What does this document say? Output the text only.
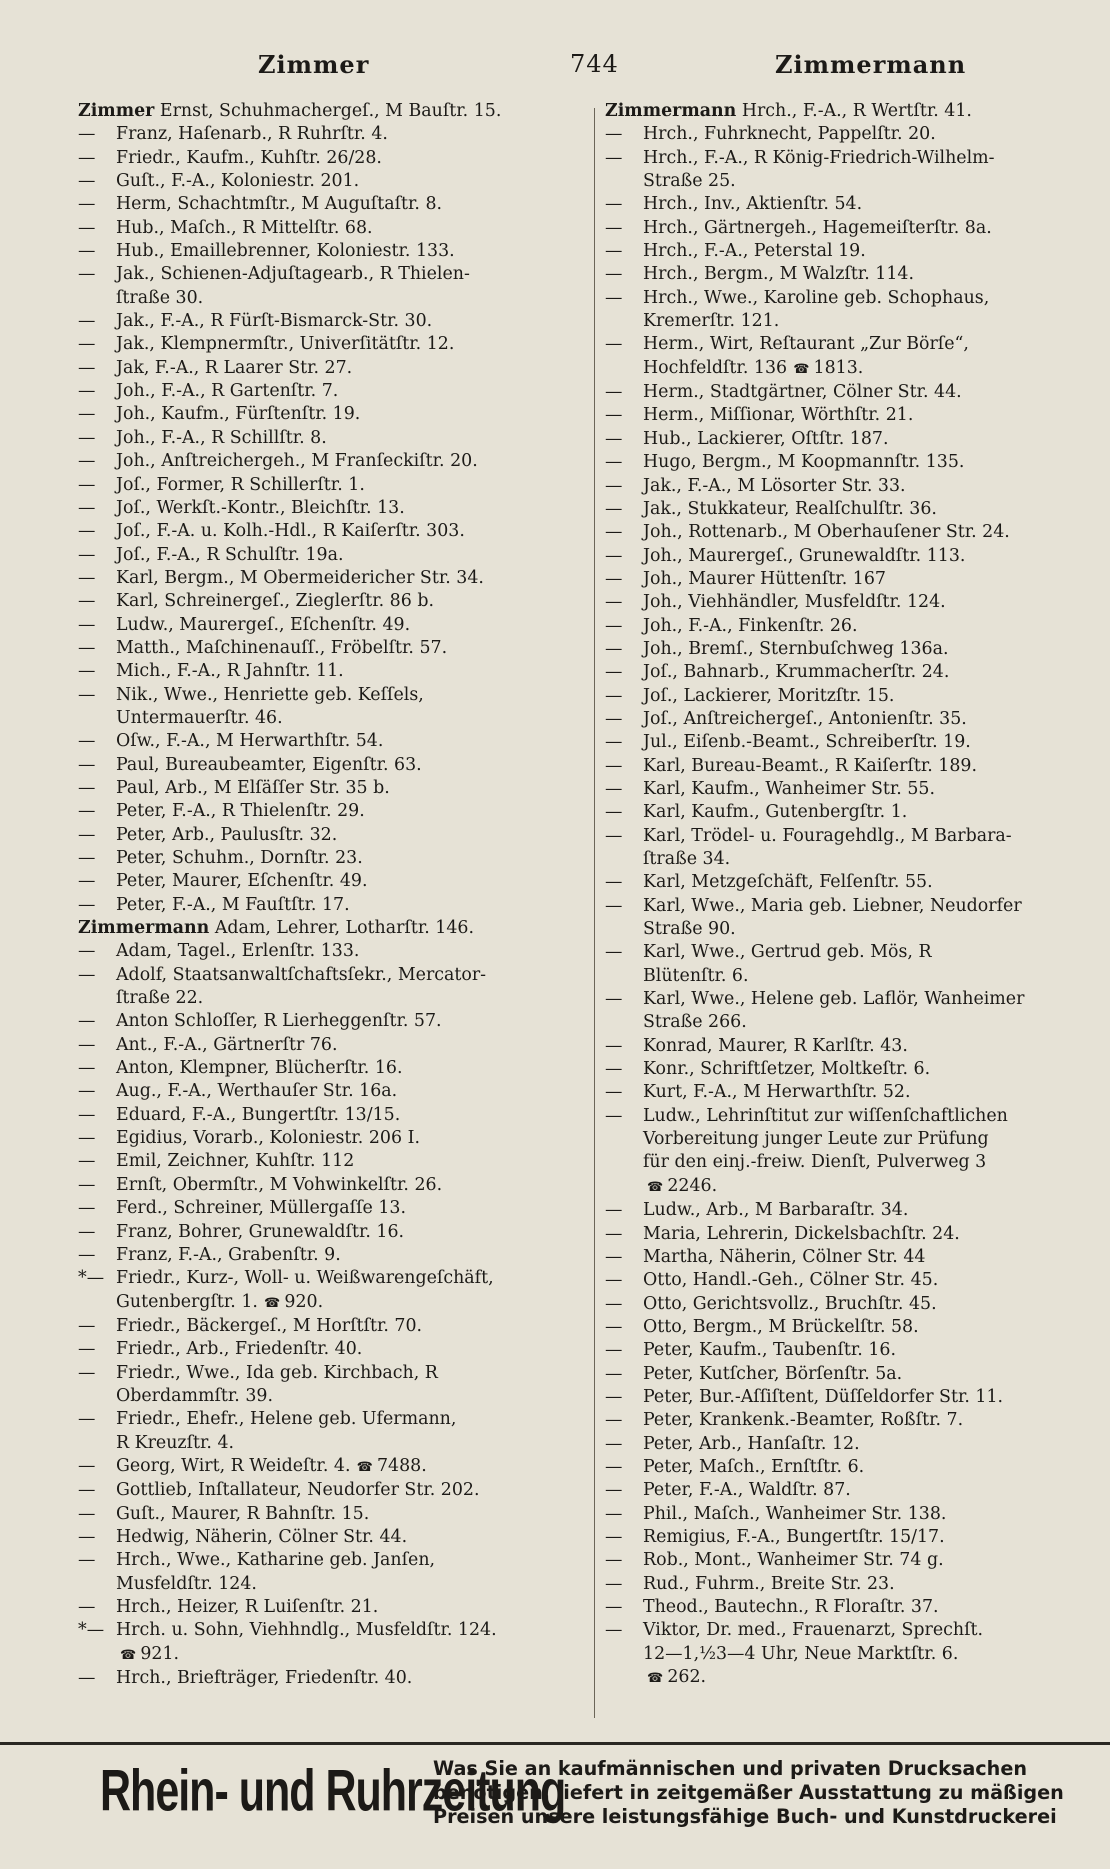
Zimmer	744	Zimmermann
Zimmer Ernst, Schuhmachergeſ., M Bauſtr. 15.
— Franz, Haſenarb., R Ruhrſtr. 4.
— Friedr., Kaufm., Kuhſtr. 26/28.
— Guſt., F.-A., Koloniestr. 201.
— Herm, Schachtmſtr., M Auguſtaſtr. 8.
— Hub., Maſch., R Mittelſtr. 68.
— Hub., Emaillebrenner, Koloniestr. 133.
— Jak., Schienen-Adjuſtagearb., R Thielen-
ſtraße 30.
— Jak., F.-A., R Fürſt-Bismarck-Str. 30.
— Jak., Klempnermſtr., Univerſitätſtr. 12.
— Jak, F.-A., R Laarer Str. 27.
— Joh., F.-A., R Gartenſtr. 7.
— Joh., Kaufm., Fürſtenſtr. 19.
— Joh., F.-A., R Schillſtr. 8.
— Joh., Anſtreichergeh., M Franſeckiſtr. 20.
— Joſ., Former, R Schillerſtr. 1.
— Joſ., Werkſt.-Kontr., Bleichſtr. 13.
— Joſ., F.-A. u. Kolh.-Hdl., R Kaiſerſtr. 303.
— Joſ., F.-A., R Schulſtr. 19a.
— Karl, Bergm., M Obermeidericher Str. 34.
— Karl, Schreinergeſ., Zieglerſtr. 86 b.
— Ludw., Maurergeſ., Eſchenſtr. 49.
— Matth., Maſchinenauſſ., Fröbelſtr. 57.
— Mich., F.-A., R Jahnſtr. 11.
— Nik., Wwe., Henriette geb. Keſſels,
Untermauerſtr. 46.
— Oſw., F.-A., M Herwarthſtr. 54.
— Paul, Bureaubeamter, Eigenſtr. 63.
— Paul, Arb., M Elſäſſer Str. 35 b.
— Peter, F.-A., R Thielenſtr. 29.
— Peter, Arb., Paulusſtr. 32.
— Peter, Schuhm., Dornſtr. 23.
— Peter, Maurer, Eſchenſtr. 49.
— Peter, F.-A., M Fauſtſtr. 17.
Zimmermann Adam, Lehrer, Lotharſtr. 146.
— Adam, Tagel., Erlenſtr. 133.
— Adolf, Staatsanwaltſchaftsſekr., Mercator-
ſtraße 22.
— Anton Schloſſer, R Lierheggenſtr. 57.
— Ant., F.-A., Gärtnerſtr 76.
— Anton, Klempner, Blücherſtr. 16.
— Aug., F.-A., Werthauſer Str. 16a.
— Eduard, F.-A., Bungertſtr. 13/15.
— Egidius, Vorarb., Koloniestr. 206 I.
— Emil, Zeichner, Kuhſtr. 112
— Ernſt, Obermſtr., M Vohwinkelſtr. 26.
— Ferd., Schreiner, Müllergaſſe 13.
— Franz, Bohrer, Grunewaldſtr. 16.
— Franz, F.-A., Grabenſtr. 9.
*— Friedr., Kurz-, Woll- u. Weißwarengeſchäft,
Gutenbergſtr. 1. ☎ 920.
— Friedr., Bäckergeſ., M Horſtſtr. 70.
— Friedr., Arb., Friedenſtr. 40.
— Friedr., Wwe., Ida geb. Kirchbach, R
Oberdammſtr. 39.
— Friedr., Ehefr., Helene geb. Ufermann,
R Kreuzſtr. 4.
— Georg, Wirt, R Weideſtr. 4. ☎ 7488.
— Gottlieb, Inſtallateur, Neudorfer Str. 202.
— Guſt., Maurer, R Bahnſtr. 15.
— Hedwig, Näherin, Cölner Str. 44.
— Hrch., Wwe., Katharine geb. Janſen,
Musfeldſtr. 124.
— Hrch., Heizer, R Luiſenſtr. 21.
*— Hrch. u. Sohn, Viehhndlg., Musfeldſtr. 124.
☎ 921.
— Hrch., Briefträger, Friedenſtr. 40.
Zimmermann Hrch., F.-A., R Wertſtr. 41.
— Hrch., Fuhrknecht, Pappelſtr. 20.
— Hrch., F.-A., R König-Friedrich-Wilhelm-
Straße 25.
— Hrch., Inv., Aktienſtr. 54.
— Hrch., Gärtnergeh., Hagemeiſterſtr. 8a.
— Hrch., F.-A., Peterstal 19.
— Hrch., Bergm., M Walzſtr. 114.
— Hrch., Wwe., Karoline geb. Schophaus,
Kremerſtr. 121.
— Herm., Wirt, Reſtaurant „Zur Börſe“,
Hochfeldſtr. 136 ☎ 1813.
— Herm., Stadtgärtner, Cölner Str. 44.
— Herm., Miſſionar, Wörthſtr. 21.
— Hub., Lackierer, Oſtſtr. 187.
— Hugo, Bergm., M Koopmannſtr. 135.
— Jak., F.-A., M Lösorter Str. 33.
— Jak., Stukkateur, Realſchulſtr. 36.
— Joh., Rottenarb., M Oberhauſener Str. 24.
— Joh., Maurergeſ., Grunewaldſtr. 113.
— Joh., Maurer Hüttenſtr. 167
— Joh., Viehhändler, Musfeldſtr. 124.
— Joh., F.-A., Finkenſtr. 26.
— Joh., Bremſ., Sternbuſchweg 136a.
— Joſ., Bahnarb., Krummacherſtr. 24.
— Joſ., Lackierer, Moritzſtr. 15.
— Joſ., Anſtreichergeſ., Antonienſtr. 35.
— Jul., Eiſenb.-Beamt., Schreiberſtr. 19.
— Karl, Bureau-Beamt., R Kaiſerſtr. 189.
— Karl, Kaufm., Wanheimer Str. 55.
— Karl, Kaufm., Gutenbergſtr. 1.
— Karl, Trödel- u. Fouragehdlg., M Barbara-
ſtraße 34.
— Karl, Metzgeſchäft, Felſenſtr. 55.
— Karl, Wwe., Maria geb. Liebner, Neudorfer
Straße 90.
— Karl, Wwe., Gertrud geb. Mös, R
Blütenſtr. 6.
— Karl, Wwe., Helene geb. Laflör, Wanheimer
Straße 266.
— Konrad, Maurer, R Karlſtr. 43.
— Konr., Schriftſetzer, Moltkeſtr. 6.
— Kurt, F.-A., M Herwarthſtr. 52.
— Ludw., Lehrinſtitut zur wiſſenſchaftlichen
Vorbereitung junger Leute zur Prüfung
für den einj.-freiw. Dienſt, Pulverweg 3
☎ 2246.
— Ludw., Arb., M Barbaraſtr. 34.
— Maria, Lehrerin, Dickelsbachſtr. 24.
— Martha, Näherin, Cölner Str. 44
— Otto, Handl.-Geh., Cölner Str. 45.
— Otto, Gerichtsvollz., Bruchſtr. 45.
— Otto, Bergm., M Brückelſtr. 58.
— Peter, Kaufm., Taubenſtr. 16.
— Peter, Kutſcher, Börſenſtr. 5a.
— Peter, Bur.-Aſſiſtent, Düſſeldorfer Str. 11.
— Peter, Krankenk.-Beamter, Roßſtr. 7.
— Peter, Arb., Hanſaſtr. 12.
— Peter, Maſch., Ernſtſtr. 6.
— Peter, F.-A., Waldſtr. 87.
— Phil., Maſch., Wanheimer Str. 138.
— Remigius, F.-A., Bungertſtr. 15/17.
— Rob., Mont., Wanheimer Str. 74 g.
— Rud., Fuhrm., Breite Str. 23.
— Theod., Bautechn., R Floraſtr. 37.
— Viktor, Dr. med., Frauenarzt, Sprechſt.
12—1,½3—4 Uhr, Neue Marktſtr. 6.
☎ 262.
Rhein- und Ruhrzeitung
Was Sie an kaufmännischen und privaten Drucksachen
benötigen, liefert in zeitgemäßer Ausstattung zu mäßigen
Preisen unsere leistungsfähige Buch- und Kunstdruckerei
